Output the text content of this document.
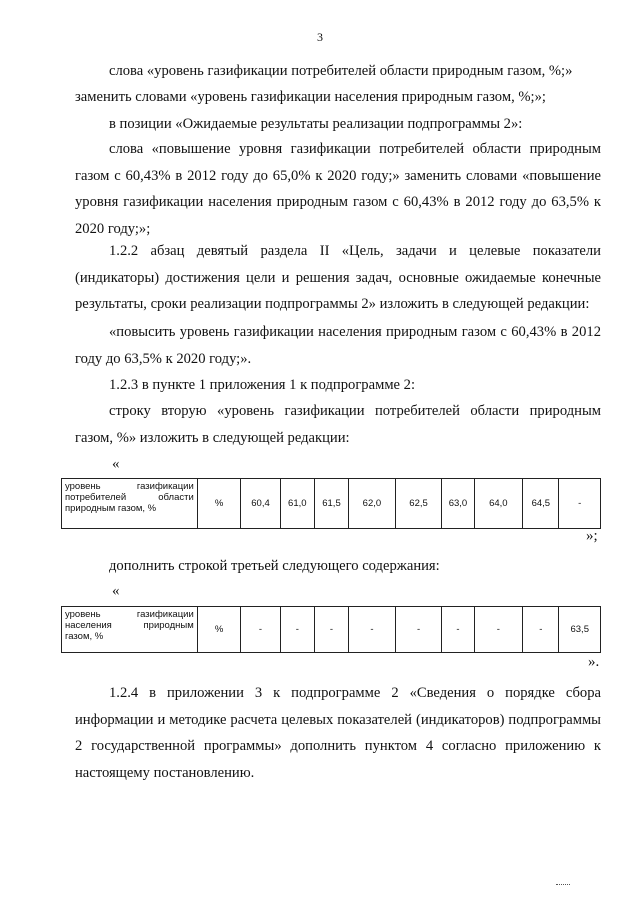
3

слова «уровень газификации потребителей области природным газом, %;»

заменить словами «уровень газификации населения природным газом, %;»;

в позиции «Ожидаемые результаты реализации подпрограммы 2»:

слова «повышение уровня газификации потребителей области природным газом с 60,43% в 2012 году до 65,0% к 2020 году;» заменить словами «повышение уровня газификации населения природным газом с 60,43% в 2012 году до 63,5% к 2020 году;»;

1.2.2 абзац девятый раздела II «Цель, задачи и целевые показатели (индикаторы) достижения цели и решения задач, основные ожидаемые конечные результаты, сроки реализации подпрограммы 2» изложить в следующей редакции:

«повысить уровень газификации населения природным газом с 60,43% в 2012 году до 63,5% к 2020 году;».

1.2.3 в пункте 1 приложения 1 к подпрограмме 2:

строку вторую «уровень газификации потребителей области природным газом, %» изложить в следующей редакции:

«
уровень газификации потребителей области природным газом, %	%	60,4	61,0	61,5	62,0	62,5	63,0	64,0	64,5	-
»;

дополнить строкой третьей следующего содержания:

«
уровень газификации населения природным газом, %	%	-	-	-	-	-	-	-	-	63,5
».

1.2.4 в приложении 3 к подпрограмме 2 «Сведения о порядке сбора информации и методике расчета целевых показателей (индикаторов) подпрограммы 2 государственной программы» дополнить пунктом 4 согласно приложению к настоящему постановлению.
